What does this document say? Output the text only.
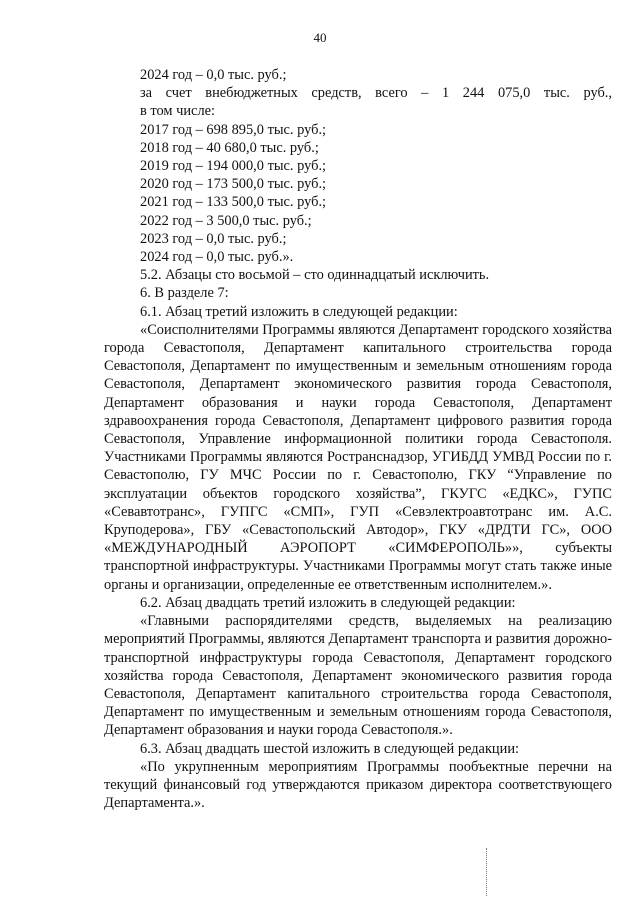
40
2024 год – 0,0 тыс. руб.;
за счет внебюджетных средств, всего – 1 244 075,0 тыс. руб.,
в том числе:
2017 год – 698 895,0 тыс. руб.;
2018 год – 40 680,0 тыс. руб.;
2019 год – 194 000,0 тыс. руб.;
2020 год – 173 500,0 тыс. руб.;
2021 год – 133 500,0 тыс. руб.;
2022 год – 3 500,0 тыс. руб.;
2023 год – 0,0 тыс. руб.;
2024 год – 0,0 тыс. руб.».
5.2. Абзацы сто восьмой – сто одиннадцатый исключить.
6. В разделе 7:
6.1. Абзац третий изложить в следующей редакции:
«Соисполнителями Программы являются Департамент городского хозяйства города Севастополя, Департамент капитального строительства города Севастополя, Департамент по имущественным и земельным отношениям города Севастополя, Департамент экономического развития города Севастополя, Департамент образования и науки города Севастополя, Департамент здравоохранения города Севастополя, Департамент цифрового развития города Севастополя, Управление информационной политики города Севастополя. Участниками Программы являются Ространснадзор, УГИБДД УМВД России по г. Севастополю, ГУ МЧС России по г. Севастополю, ГКУ “Управление по эксплуатации объектов городского хозяйства”, ГКУГС «ЕДКС», ГУПС «Севавтотранс», ГУПГС «СМП», ГУП «Севэлектроавтотранс им. А.С. Круподерова», ГБУ «Севастопольский Автодор», ГКУ «ДРДТИ ГС», ООО «МЕЖДУНАРОДНЫЙ АЭРОПОРТ «СИМФЕРОПОЛЬ»», субъекты транспортной инфраструктуры. Участниками Программы могут стать также иные органы и организации, определенные ее ответственным исполнителем.».
6.2. Абзац двадцать третий изложить в следующей редакции:
«Главными распорядителями средств, выделяемых на реализацию мероприятий Программы, являются Департамент транспорта и развития дорожно-транспортной инфраструктуры города Севастополя, Департамент городского хозяйства города Севастополя, Департамент экономического развития города Севастополя, Департамент капитального строительства города Севастополя, Департамент по имущественным и земельным отношениям города Севастополя, Департамент образования и науки города Севастополя.».
6.3. Абзац двадцать шестой изложить в следующей редакции:
«По укрупненным мероприятиям Программы пообъектные перечни на текущий финансовый год утверждаются приказом директора соответствующего Департамента.».
